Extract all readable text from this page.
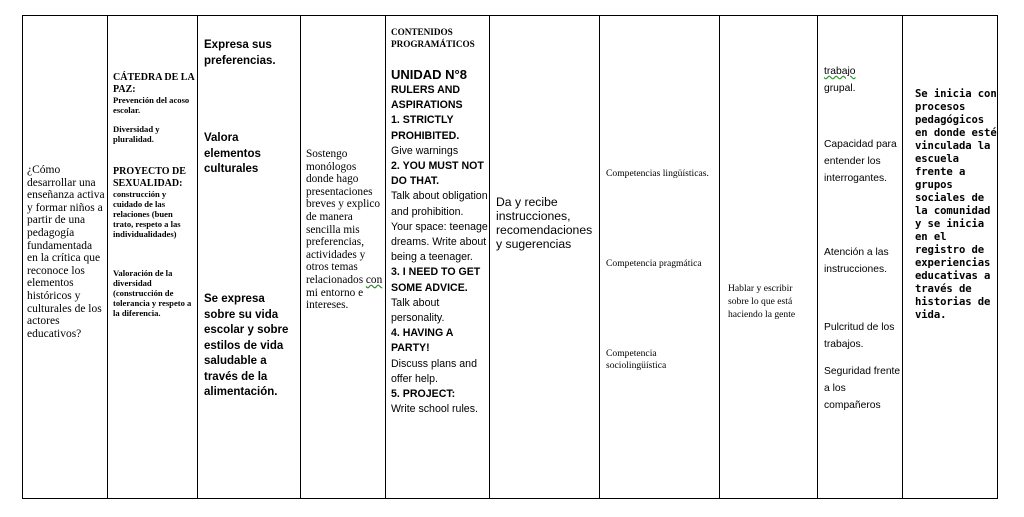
¿Cómo desarrollar una enseñanza activa y formar niños a partir de una pedagogía fundamentada en la crítica que reconoce los elementos históricos y culturales de los actores educativos?

CÁTEDRA DE LA PAZ:

Prevención del acoso escolar.

Diversidad y pluralidad.

PROYECTO DE SEXUALIDAD:

construcción y cuidado de las relaciones (buen trato, respeto a las individualidades)

Valoración de la diversidad (construcción de tolerancia y respeto a la diferencia.

Expresa sus preferencias.

Valora elementos culturales

Se expresa sobre su vida escolar y sobre estilos de vida saludable a través de la alimentación.

Sostengo monólogos donde hago presentaciones breves y explico de manera sencilla mis preferencias, actividades y otros temas relacionados con mi entorno e intereses.

CONTENIDOS PROGRAMÁTICOS

UNIDAD N°8

RULERS AND ASPIRATIONS

1. STRICTLY PROHIBITED.

Give warnings

2. YOU MUST NOT DO THAT.

Talk about obligation and prohibition.

Your space: teenage dreams. Write about being a teenager.

3. I NEED TO GET SOME ADVICE.

Talk about personality.

4. HAVING A PARTY!

Discuss plans and offer help.

5. PROJECT:

Write school rules.

Da y recibe instrucciones, recomendaciones y sugerencias

Competencias lingüísticas.

Competencia pragmática

Competencia sociolingüística

Hablar y escribir sobre lo que está haciendo la gente

trabajo
grupal.

Capacidad para entender los interrogantes.

Atención a las instrucciones.

Pulcritud de los trabajos.

Seguridad frente a los compañeros

Se inicia con procesos pedagógicos en donde esté vinculada la escuela frente a grupos sociales de la comunidad y se inicia en el registro de experiencias educativas a través de historias de vida.
